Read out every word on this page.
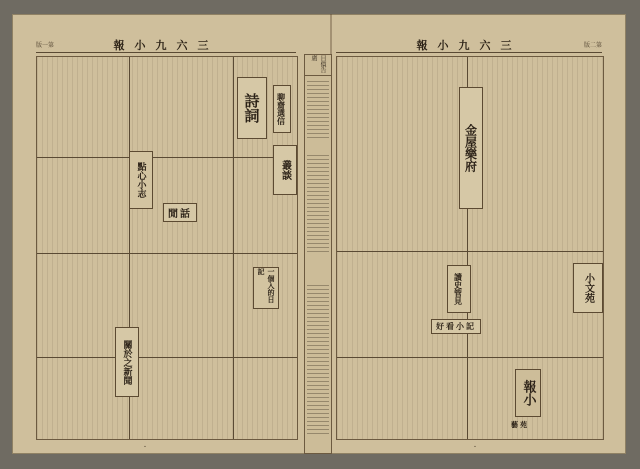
版一第	報小九六三
詩詞
叢談
聊齋選信
點心小志
閒話
關於之新聞
一個入的日記
・
目價告廣
報小九六三	版二第
金屋樂府
小文苑
讀史管見
好看小記
報小
藝苑
・
